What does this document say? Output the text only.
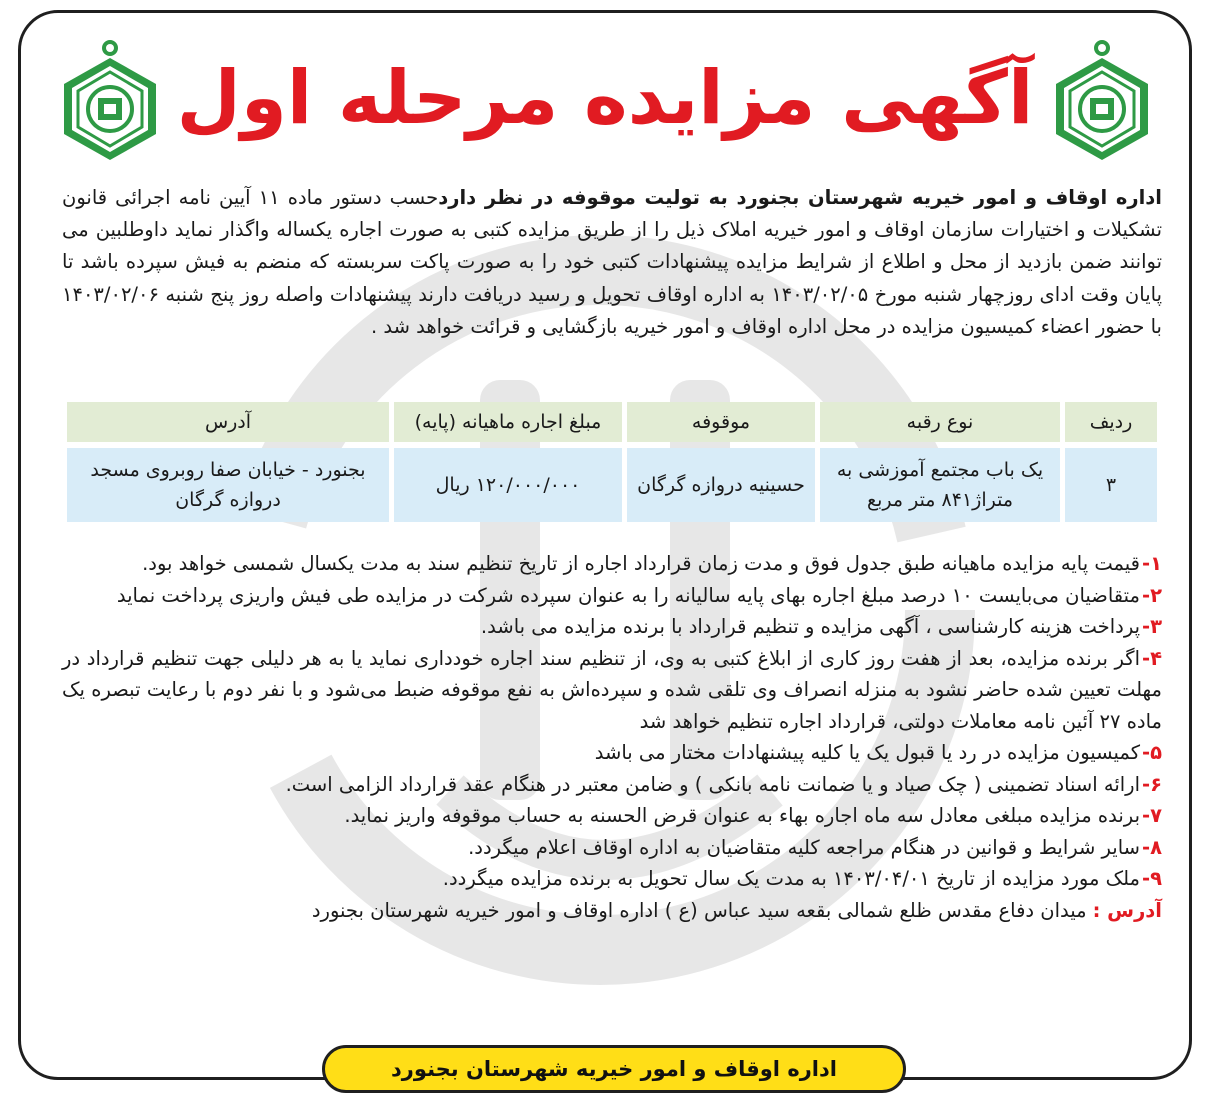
آگهی مزایده مرحله اول

اداره اوقاف و امور خیریه شهرستان بجنورد به تولیت موقوفه در نظر داردحسب دستور ماده ۱۱ آیین نامه اجرائی قانون تشکیلات و اختیارات سازمان اوقاف و امور خیریه املاک ذیل را از طریق مزایده کتبی به صورت اجاره یکساله واگذار نماید داوطلبین می توانند ضمن بازدید از محل و اطلاع از شرایط مزایده پیشنهادات کتبی خود را به صورت پاکت سربسته که منضم به فیش سپرده باشد تا پایان وقت ادای روزچهار شنبه مورخ ۱۴۰۳/۰۲/۰۵ به اداره اوقاف تحویل و رسید دریافت دارند پیشنهادات واصله روز پنج شنبه ۱۴۰۳/۰۲/۰۶ با حضور اعضاء کمیسیون مزایده در محل اداره اوقاف و امور خیریه بازگشایی و قرائت خواهد شد .

ردیف	نوع رقبه	موقوفه	مبلغ اجاره ماهیانه (پایه)	آدرس
۳	یک باب مجتمع آموزشی به متراژ۸۴۱ متر مربع	حسینیه دروازه گرگان	۱۲۰/۰۰۰/۰۰۰ ریال	بجنورد - خیابان صفا روبروی مسجد دروازه گرگان

۱-قیمت پایه مزایده ماهیانه طبق جدول فوق و مدت زمان قرارداد اجاره از تاریخ تنظیم سند به مدت یکسال شمسی خواهد بود.

۲-متقاضیان می‌بایست ۱۰ درصد مبلغ اجاره بهای پایه سالیانه را به عنوان سپرده شرکت در مزایده طی فیش واریزی پرداخت نماید

۳-پرداخت هزینه کارشناسی ، آگهی مزایده و تنظیم قرارداد با برنده مزایده می باشد.

۴-اگر برنده مزایده، بعد از هفت روز کاری از ابلاغ کتبی به وی، از تنظیم سند اجاره خودداری نماید یا به هر دلیلی جهت تنظیم قرارداد در مهلت تعیین شده حاضر نشود به منزله انصراف وی تلقی شده و سپرده‌اش به نفع موقوفه ضبط می‌شود و با نفر دوم با رعایت تبصره یک ماده ۲۷ آئین نامه معاملات دولتی، قرارداد اجاره تنظیم خواهد شد

۵-کمیسیون مزایده در رد یا قبول یک یا کلیه پیشنهادات مختار می باشد

۶-ارائه اسناد تضمینی ( چک صیاد و یا ضمانت نامه بانکی ) و ضامن معتبر در هنگام عقد قرارداد الزامی است.

۷-برنده مزایده مبلغی معادل سه ماه اجاره بهاء به عنوان قرض الحسنه به حساب موقوفه واریز نماید.

۸-سایر شرایط و قوانین در هنگام مراجعه کلیه متقاضیان به اداره اوقاف اعلام میگردد.

۹-ملک مورد مزایده از تاریخ ۱۴۰۳/۰۴/۰۱ به مدت یک سال تحویل به برنده مزایده میگردد.

آدرس :میدان دفاع مقدس ظلع شمالی بقعه سید عباس (ع ) اداره اوقاف و امور خیریه شهرستان بجنورد

اداره اوقاف و امور خیریه شهرستان بجنورد
